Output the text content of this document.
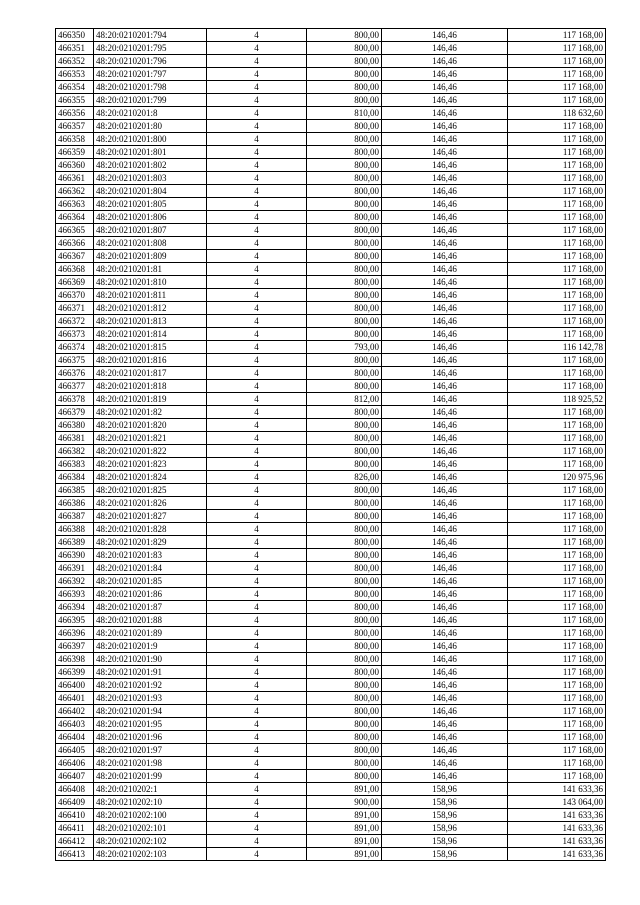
466350	48:20:0210201:794	4	800,00	146,46	117 168,00
466351	48:20:0210201:795	4	800,00	146,46	117 168,00
466352	48:20:0210201:796	4	800,00	146,46	117 168,00
466353	48:20:0210201:797	4	800,00	146,46	117 168,00
466354	48:20:0210201:798	4	800,00	146,46	117 168,00
466355	48:20:0210201:799	4	800,00	146,46	117 168,00
466356	48:20:0210201:8	4	810,00	146,46	118 632,60
466357	48:20:0210201:80	4	800,00	146,46	117 168,00
466358	48:20:0210201:800	4	800,00	146,46	117 168,00
466359	48:20:0210201:801	4	800,00	146,46	117 168,00
466360	48:20:0210201:802	4	800,00	146,46	117 168,00
466361	48:20:0210201:803	4	800,00	146,46	117 168,00
466362	48:20:0210201:804	4	800,00	146,46	117 168,00
466363	48:20:0210201:805	4	800,00	146,46	117 168,00
466364	48:20:0210201:806	4	800,00	146,46	117 168,00
466365	48:20:0210201:807	4	800,00	146,46	117 168,00
466366	48:20:0210201:808	4	800,00	146,46	117 168,00
466367	48:20:0210201:809	4	800,00	146,46	117 168,00
466368	48:20:0210201:81	4	800,00	146,46	117 168,00
466369	48:20:0210201:810	4	800,00	146,46	117 168,00
466370	48:20:0210201:811	4	800,00	146,46	117 168,00
466371	48:20:0210201:812	4	800,00	146,46	117 168,00
466372	48:20:0210201:813	4	800,00	146,46	117 168,00
466373	48:20:0210201:814	4	800,00	146,46	117 168,00
466374	48:20:0210201:815	4	793,00	146,46	116 142,78
466375	48:20:0210201:816	4	800,00	146,46	117 168,00
466376	48:20:0210201:817	4	800,00	146,46	117 168,00
466377	48:20:0210201:818	4	800,00	146,46	117 168,00
466378	48:20:0210201:819	4	812,00	146,46	118 925,52
466379	48:20:0210201:82	4	800,00	146,46	117 168,00
466380	48:20:0210201:820	4	800,00	146,46	117 168,00
466381	48:20:0210201:821	4	800,00	146,46	117 168,00
466382	48:20:0210201:822	4	800,00	146,46	117 168,00
466383	48:20:0210201:823	4	800,00	146,46	117 168,00
466384	48:20:0210201:824	4	826,00	146,46	120 975,96
466385	48:20:0210201:825	4	800,00	146,46	117 168,00
466386	48:20:0210201:826	4	800,00	146,46	117 168,00
466387	48:20:0210201:827	4	800,00	146,46	117 168,00
466388	48:20:0210201:828	4	800,00	146,46	117 168,00
466389	48:20:0210201:829	4	800,00	146,46	117 168,00
466390	48:20:0210201:83	4	800,00	146,46	117 168,00
466391	48:20:0210201:84	4	800,00	146,46	117 168,00
466392	48:20:0210201:85	4	800,00	146,46	117 168,00
466393	48:20:0210201:86	4	800,00	146,46	117 168,00
466394	48:20:0210201:87	4	800,00	146,46	117 168,00
466395	48:20:0210201:88	4	800,00	146,46	117 168,00
466396	48:20:0210201:89	4	800,00	146,46	117 168,00
466397	48:20:0210201:9	4	800,00	146,46	117 168,00
466398	48:20:0210201:90	4	800,00	146,46	117 168,00
466399	48:20:0210201:91	4	800,00	146,46	117 168,00
466400	48:20:0210201:92	4	800,00	146,46	117 168,00
466401	48:20:0210201:93	4	800,00	146,46	117 168,00
466402	48:20:0210201:94	4	800,00	146,46	117 168,00
466403	48:20:0210201:95	4	800,00	146,46	117 168,00
466404	48:20:0210201:96	4	800,00	146,46	117 168,00
466405	48:20:0210201:97	4	800,00	146,46	117 168,00
466406	48:20:0210201:98	4	800,00	146,46	117 168,00
466407	48:20:0210201:99	4	800,00	146,46	117 168,00
466408	48:20:0210202:1	4	891,00	158,96	141 633,36
466409	48:20:0210202:10	4	900,00	158,96	143 064,00
466410	48:20:0210202:100	4	891,00	158,96	141 633,36
466411	48:20:0210202:101	4	891,00	158,96	141 633,36
466412	48:20:0210202:102	4	891,00	158,96	141 633,36
466413	48:20:0210202:103	4	891,00	158,96	141 633,36
